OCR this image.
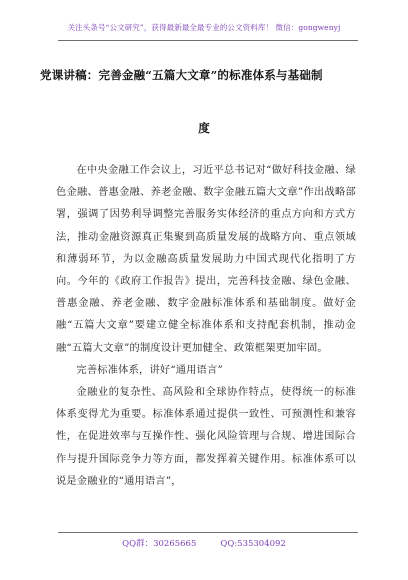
关注头条号“公文研究”，获得最新最全最专业的公文资料库！ 微信：gongwenyj
党课讲稿：完善金融“五篇大文章”的标准体系与基础制
度

在中央金融工作会议上，习近平总书记对“做好科技金融、绿色金融、普惠金融、养老金融、数字金融五篇大文章”作出战略部署，强调了因势利导调整完善服务实体经济的重点方向和方式方法，推动金融资源真正集聚到高质量发展的战略方向、重点领域和薄弱环节，为以金融高质量发展助力中国式现代化指明了方向。今年的《政府工作报告》提出，完善科技金融、绿色金融、普惠金融、养老金融、数字金融标准体系和基础制度。做好金融“五篇大文章”要建立健全标准体系和支持配套机制，推动金融“五篇大文章”的制度设计更加健全、政策框架更加牢固。

完善标准体系，讲好“通用语言”

金融业的复杂性、高风险和全球协作特点，使得统一的标准体系变得尤为重要。标准体系通过提供一致性、可预测性和兼容性，在促进效率与互操作性、强化风险管理与合规、增进国际合作与提升国际竞争力等方面，都发挥着关键作用。标准体系可以说是金融业的“通用语言”，

QQ群：30265665	QQ:535304092
